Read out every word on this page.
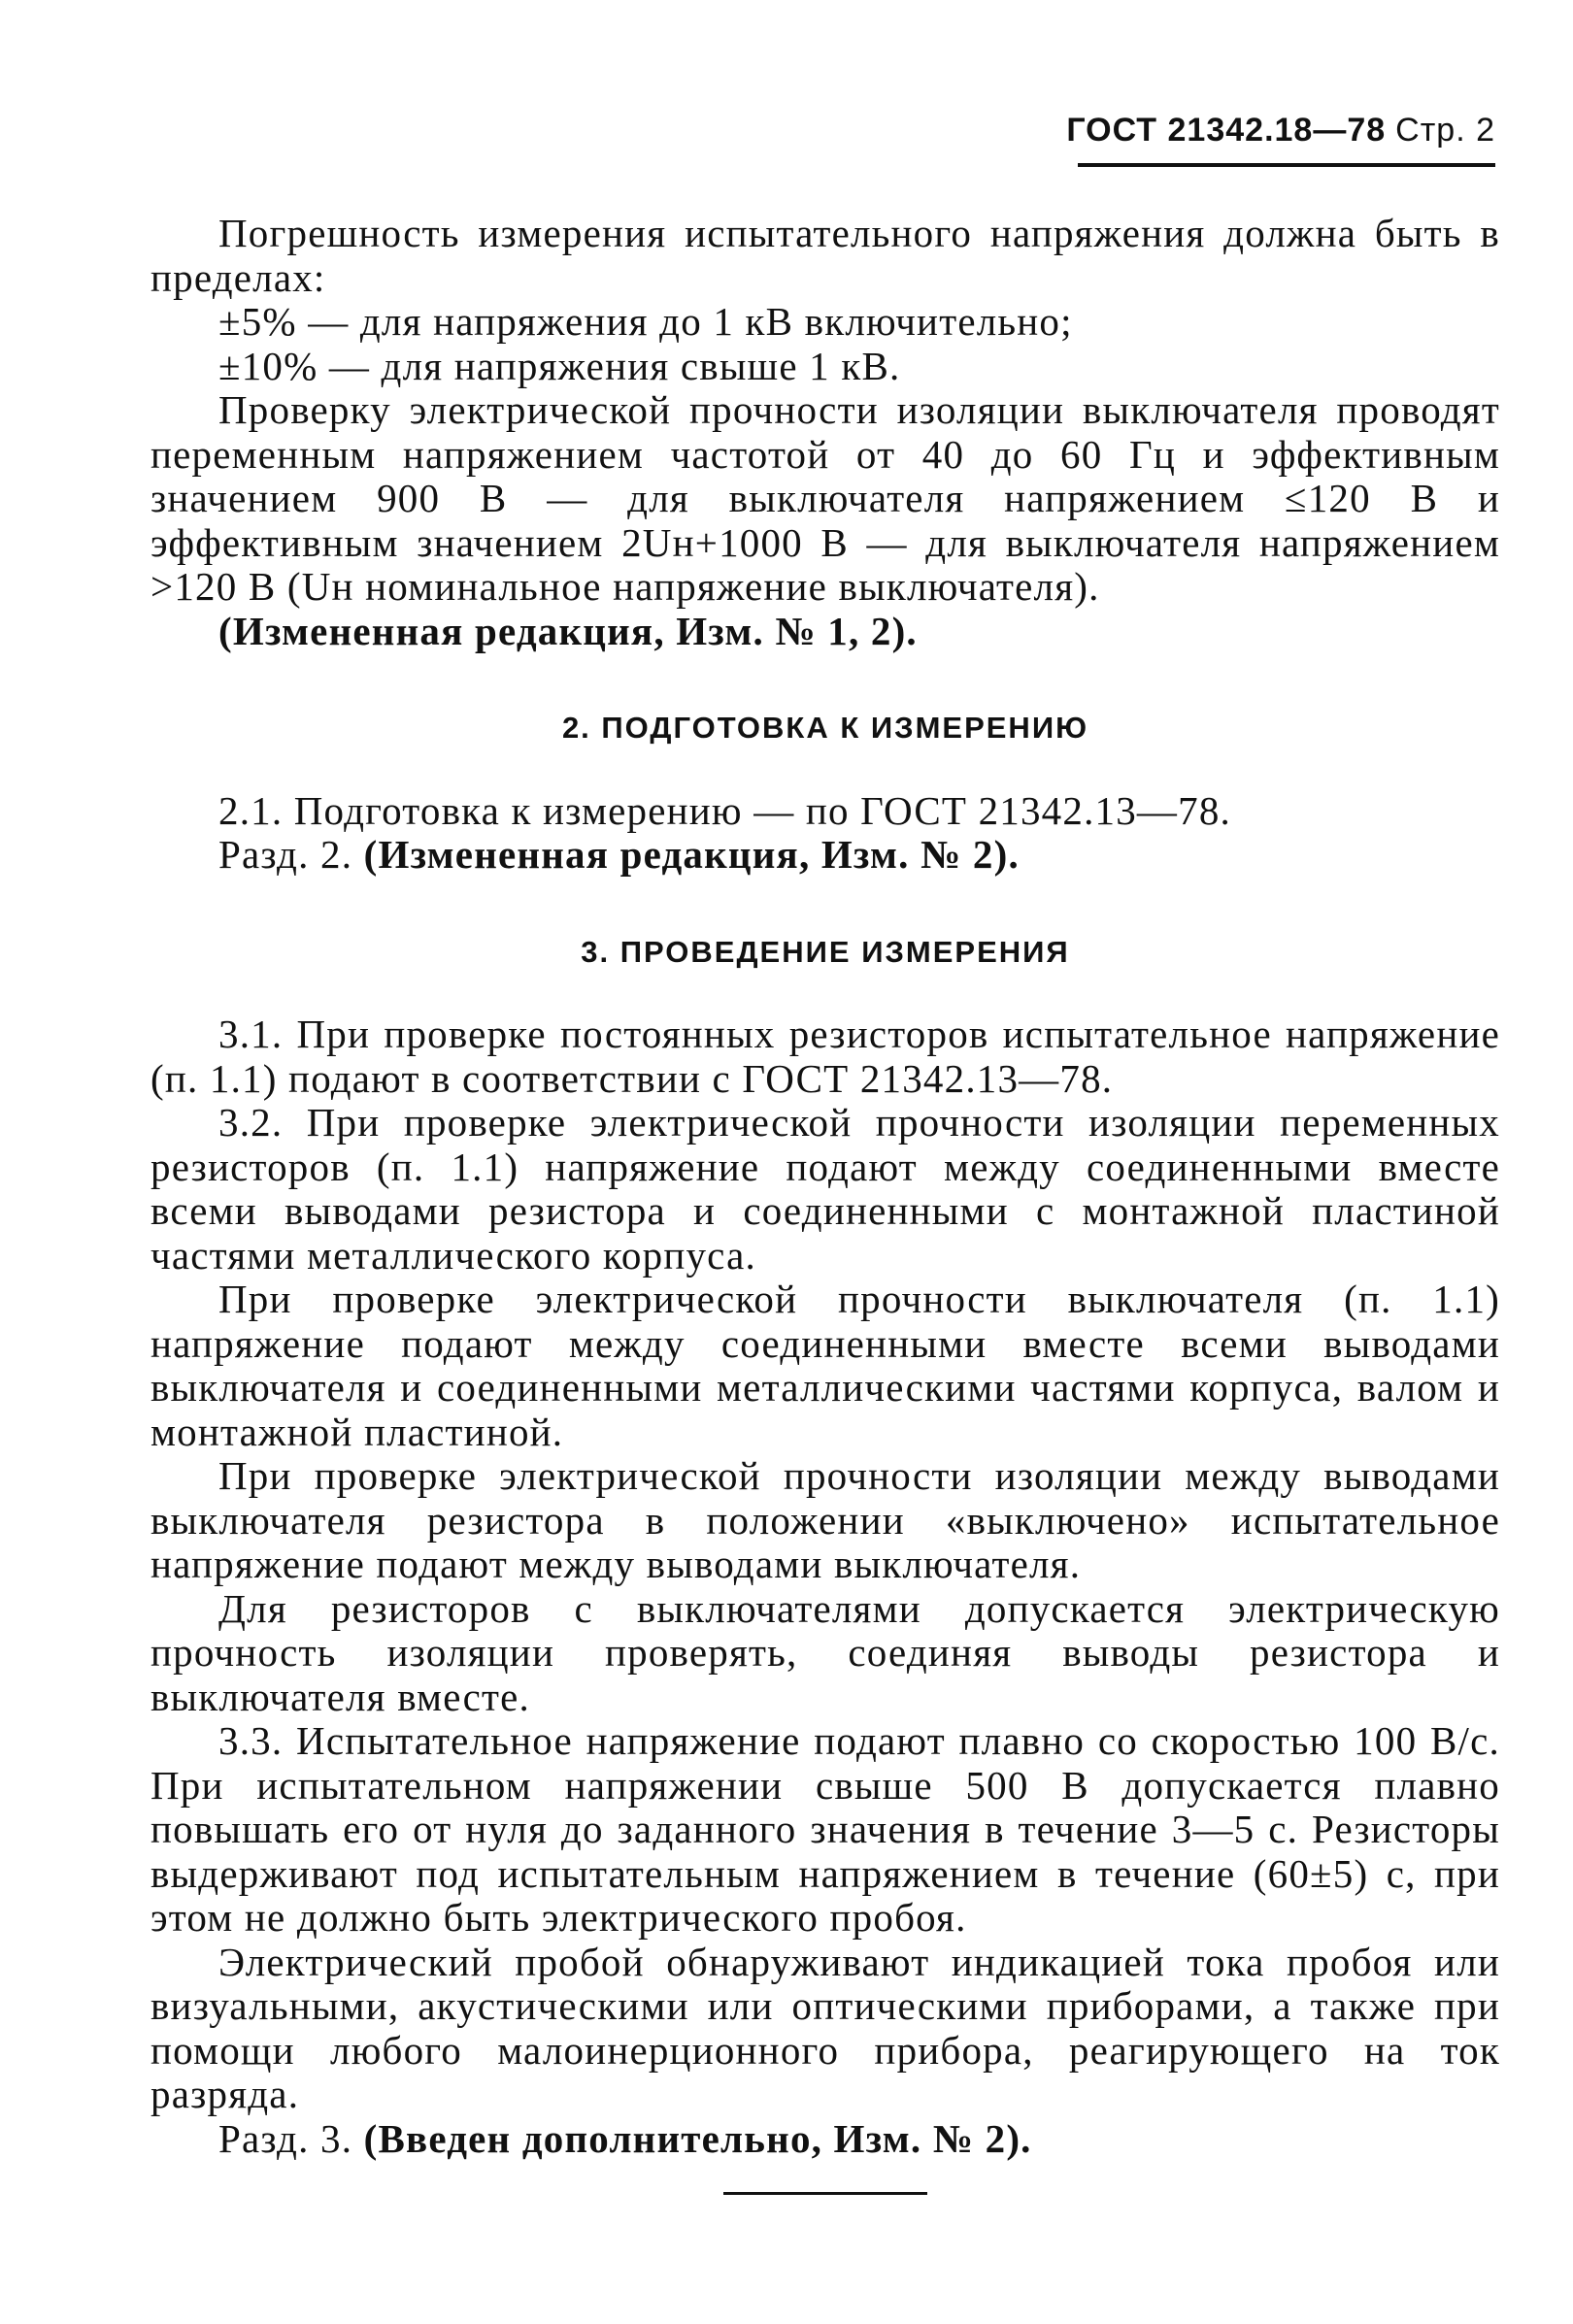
ГОСТ 21342.18—78 Стр. 2

Погрешность измерения испытательного напряжения должна быть в пределах:

±5% — для напряжения до 1 кВ включительно;
±10% — для напряжения свыше 1 кВ.

Проверку электрической прочности изоляции выключателя проводят переменным напряжением частотой от 40 до 60 Гц и эффективным значением 900 В — для выключателя напряжением ≤120 В и эффективным значением 2Uн+1000 В — для выключателя напряжением >120 В (Uн номинальное напряжение выключателя).

(Измененная редакция, Изм. № 1, 2).

2. ПОДГОТОВКА К ИЗМЕРЕНИЮ

2.1. Подготовка к измерению — по ГОСТ 21342.13—78.

Разд. 2. (Измененная редакция, Изм. № 2).

3. ПРОВЕДЕНИЕ ИЗМЕРЕНИЯ

3.1. При проверке постоянных резисторов испытательное напряжение (п. 1.1) подают в соответствии с ГОСТ 21342.13—78.

3.2. При проверке электрической прочности изоляции переменных резисторов (п. 1.1) напряжение подают между соединенными вместе всеми выводами резистора и соединенными с монтажной пластиной частями металлического корпуса.

При проверке электрической прочности выключателя (п. 1.1) напряжение подают между соединенными вместе всеми выводами выключателя и соединенными металлическими частями корпуса, валом и монтажной пластиной.

При проверке электрической прочности изоляции между выводами выключателя резистора в положении «выключено» испытательное напряжение подают между выводами выключателя.

Для резисторов с выключателями допускается электрическую прочность изоляции проверять, соединяя выводы резистора и выключателя вместе.

3.3. Испытательное напряжение подают плавно со скоростью 100 В/с. При испытательном напряжении свыше 500 В допускается плавно повышать его от нуля до заданного значения в течение 3—5 с. Резисторы выдерживают под испытательным напряжением в течение (60±5) с, при этом не должно быть электрического пробоя.

Электрический пробой обнаруживают индикацией тока пробоя или визуальными, акустическими или оптическими приборами, а также при помощи любого малоинерционного прибора, реагирующего на ток разряда.

Разд. 3. (Введен дополнительно, Изм. № 2).
